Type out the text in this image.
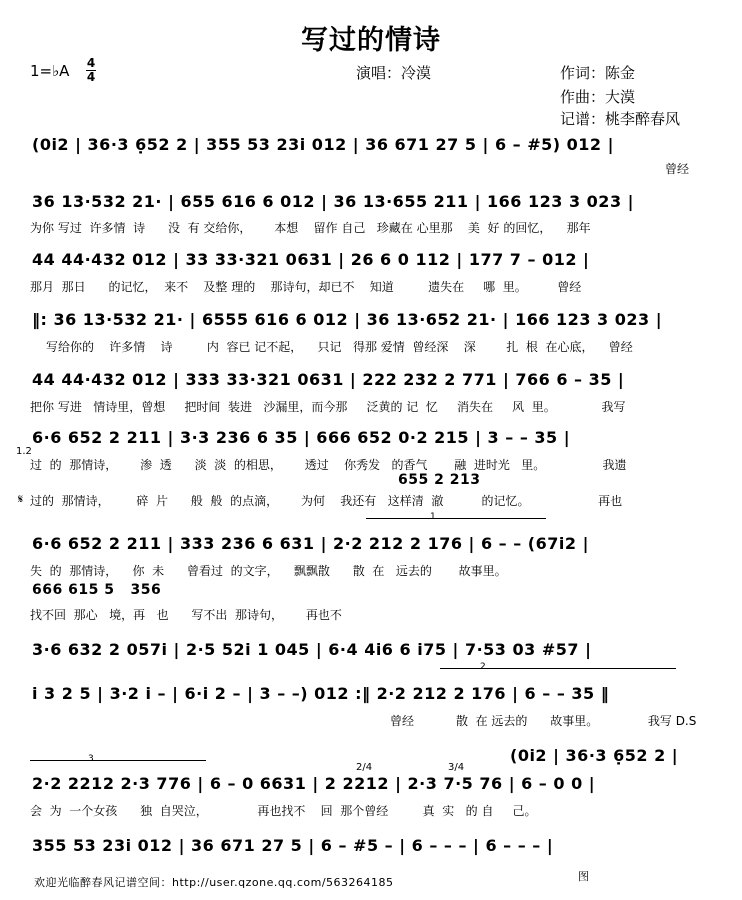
写过的情诗
1=♭A 4
4	演唱：冷漠	作词：陈金
作曲：大漠
记谱：桃李醉春风
(0i2 | 36·3 6̣52 2 | 355 53 23i 012 | 36 671 27 5 | 6 – #5) 012 |
曾经
36 13·532 21· | 655 616 6 012 | 36 13·655 211 | 166 123 3 023 |
为你 写过  许多情  诗      没  有 交给你，      本想    留作 自己   珍藏在 心里那    美  好 的回忆，    那年
44 44·432 012 | 33 33·321 0631 | 26 6 0 112 | 177 7 – 012 |
那月  那日      的记忆，  来不    及整 理的    那诗句，却已不    知道         遗失在     哪  里。        曾经
‖: 36 13·532 21· | 6555 616 6 012 | 36 13·652 21· | 166 123 3 023 |
写给你的    许多情    诗         内  容已 记不起，    只记   得那 爱情  曾经深    深        扎  根  在心底，    曾经
44 44·432 012 | 333 33·321 0631 | 222 232 2 771 | 766 6 – 35 |
把你 写进   情诗里，曾想     把时间  装进   沙漏里，而今那     泛黄的 记  忆     消失在     风  里。            我写
1.2
6·6 652 2 211 | 3·3 236 6 35 | 666 652 0·2 215 | 3 – – 35 |
过  的  那情诗，      渗  透      淡  淡  的相思，      透过    你秀发   的香气       融  进时光   里。               我遗
655 2 213
𝄋 过的  那情诗，       碎  片      般  般  的点滴，      为何    我还有   这样清  澈          的记忆。                  再也
1
6·6 652 2 211 | 333 236 6 631 | 2·2 212 2 176 | 6 – – (67i2 |
失  的  那情诗，    你  未      曾看过  的文字，    飘飘散      散  在   远去的       故事里。
666 615 5   356
找不回  那心   境，再   也      写不出  那诗句，      再也不
3·6 632 2 057i | 2·5 52i 1 045 | 6·4 4i6 6 i75 | 7·53 03 #57 |
2
i 3 2 5 | 3·2 i – | 6·i 2 – | 3 – –) 012 :‖ 2·2 212 2 176 | 6 – – 35 ‖
曾经           散  在 远去的      故事里。             我写 D.S
(0i2 | 36·3 6̣52 2 |
3
2/4	3/4
2·2 2212 2·3 776 | 6 – 0 6631 | 2 2212 | 2·3 7·5 76 | 6 – 0 0 |
会  为  一个女孩      独  自哭泣，             再也找不    回  那个曾经         真  实   的 自     己。
355 53 23i 012 | 36 671 27 5 | 6 – #5 – | 6 – – – | 6 – – – |
欢迎光临醉春风记谱空间：http://user.qzone.qq.com/563264185	图
